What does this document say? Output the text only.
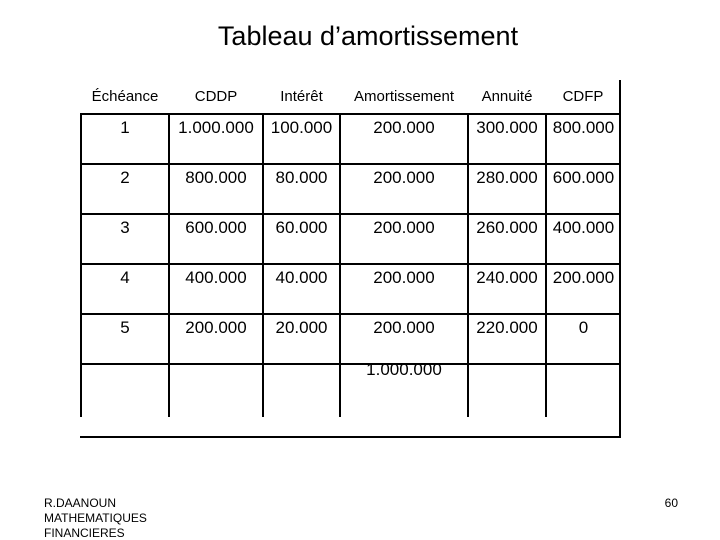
Tableau d’amortissement
Échéance	CDDP	Intérêt	Amortissement	Annuité	CDFP
1	1.000.000	100.000	200.000	300.000	800.000
2	800.000	80.000	200.000	280.000	600.000
3	600.000	60.000	200.000	260.000	400.000
4	400.000	40.000	200.000	240.000	200.000
5	200.000	20.000	200.000	220.000	0

			1.000.000		

R.DAANOUN
MATHEMATIQUES
FINANCIERES
60
